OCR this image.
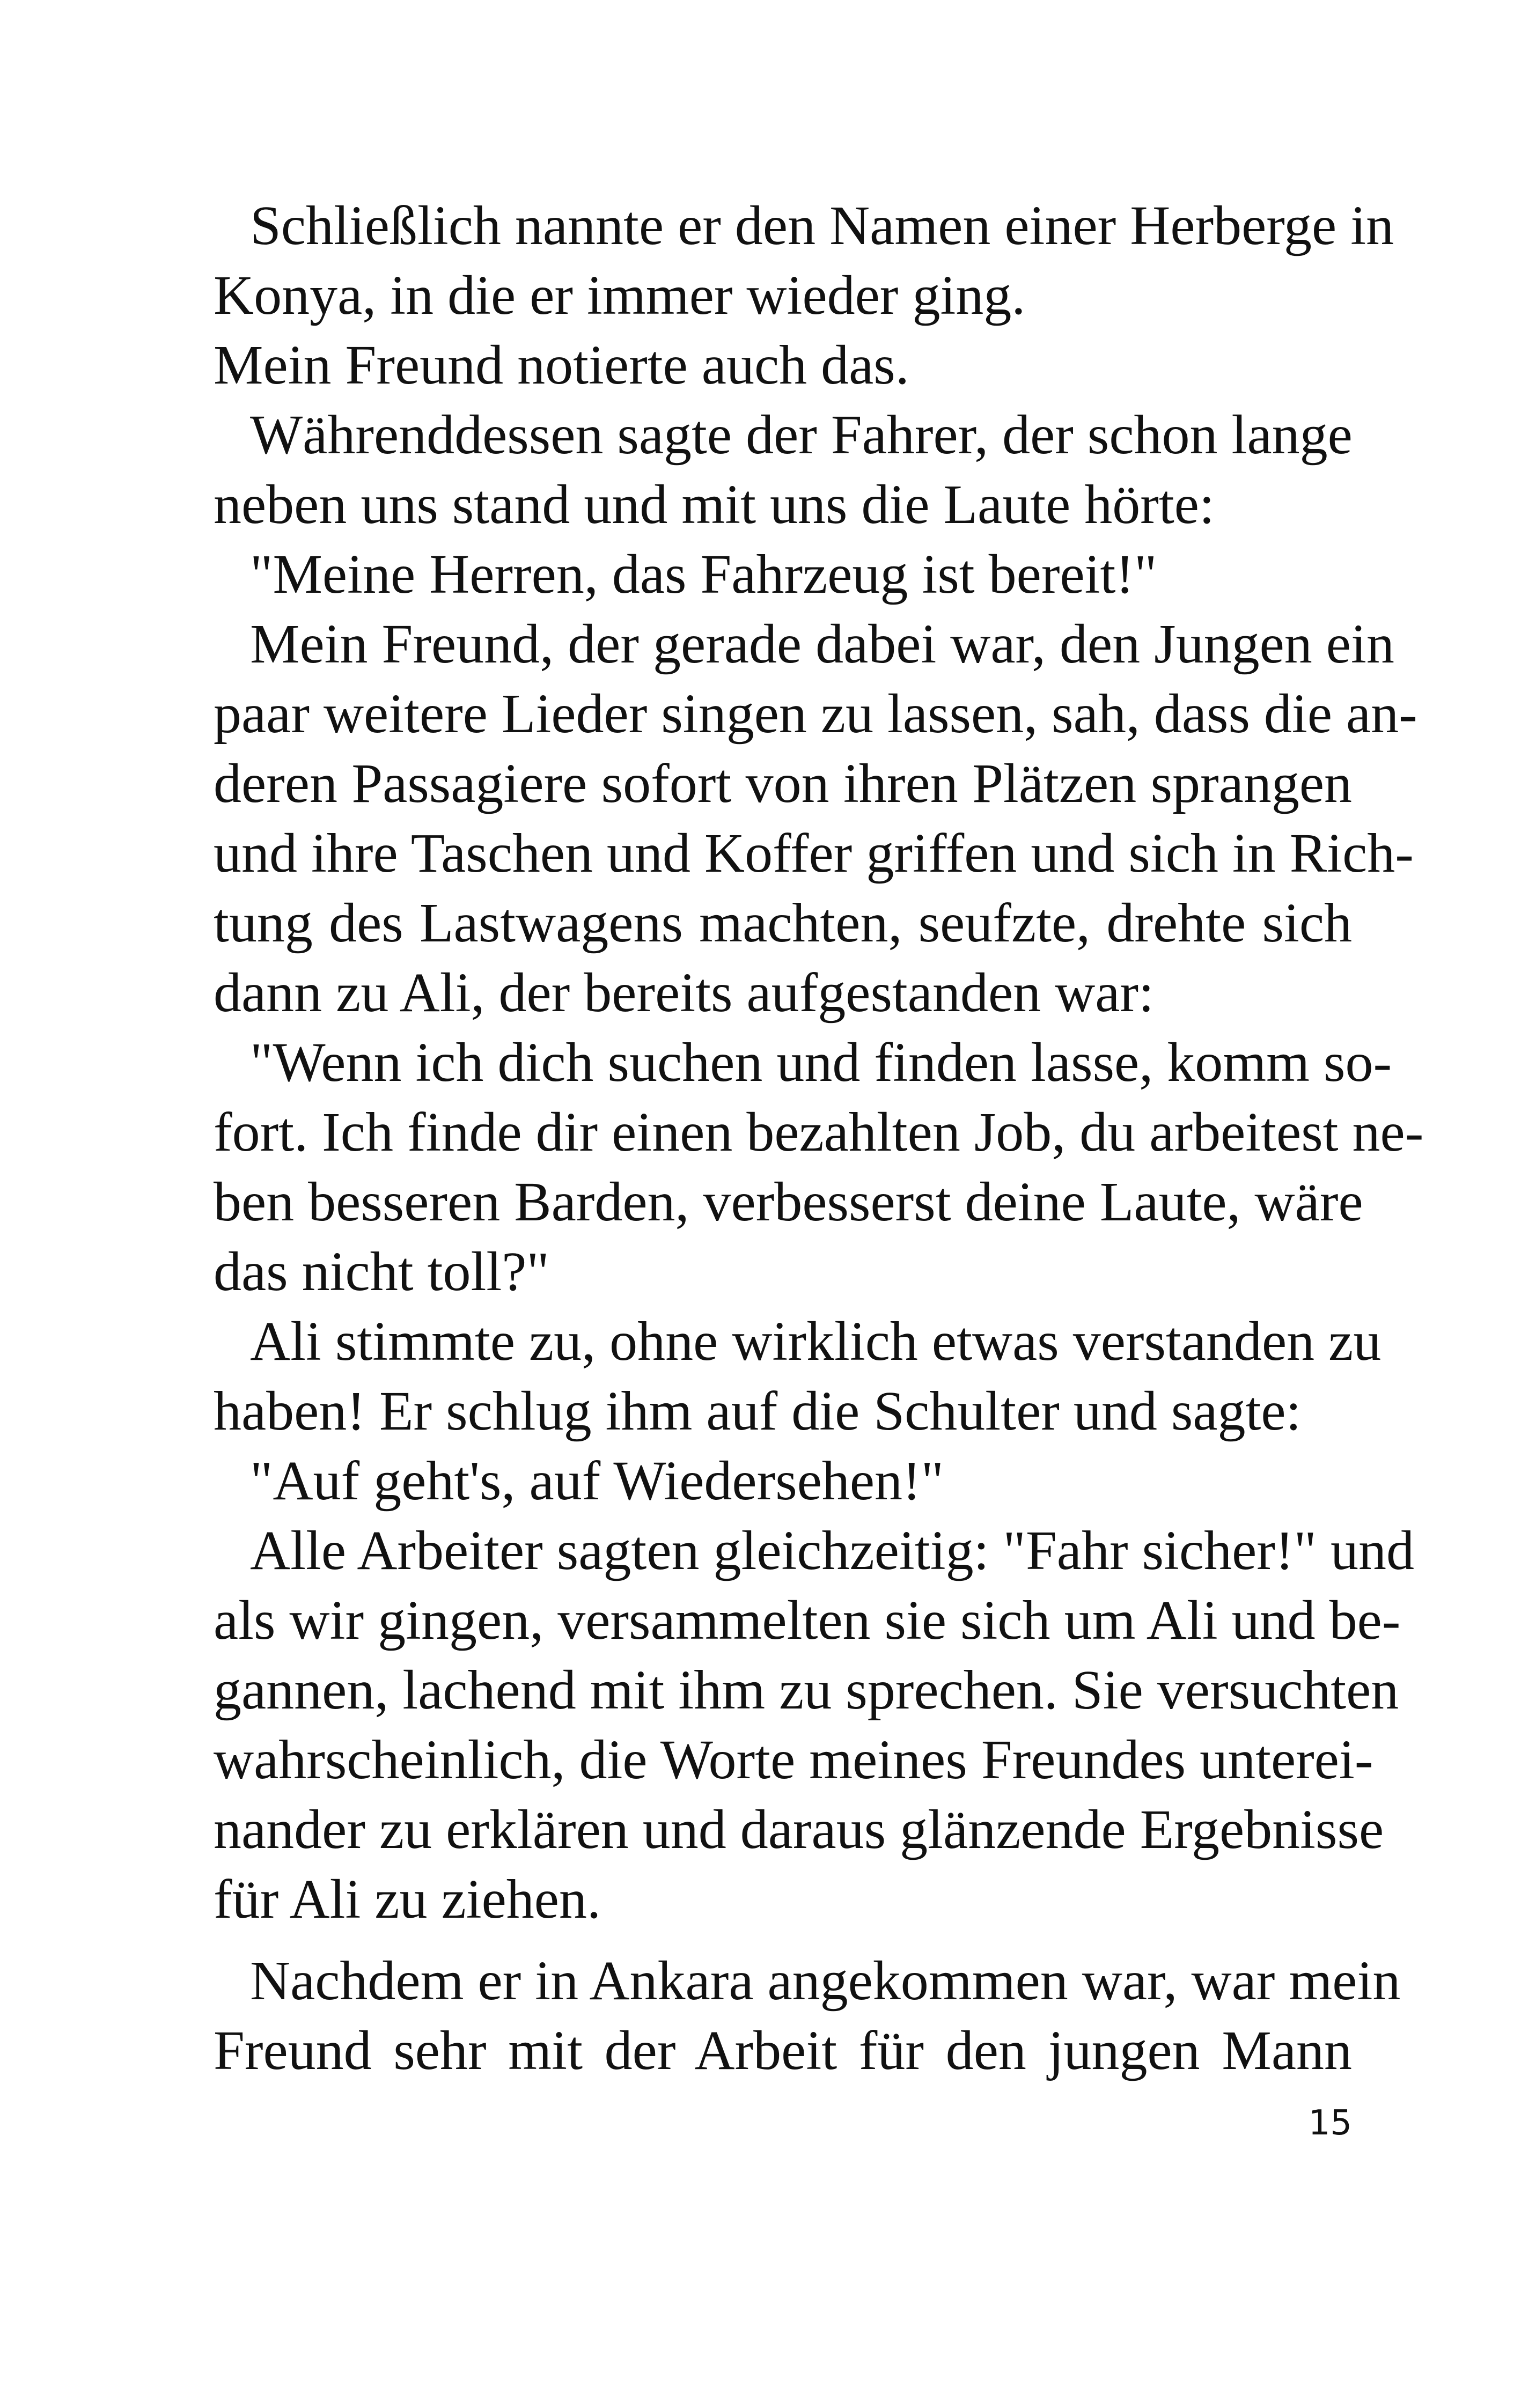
Schließlich nannte er den Namen einer Herberge in
Konya, in die er immer wieder ging.
Mein Freund notierte auch das.
Währenddessen sagte der Fahrer, der schon lange
neben uns stand und mit uns die Laute hörte:
"Meine Herren, das Fahrzeug ist bereit!"
Mein Freund, der gerade dabei war, den Jungen ein
paar weitere Lieder singen zu lassen, sah, dass die an-
deren Passagiere sofort von ihren Plätzen sprangen
und ihre Taschen und Koffer griffen und sich in Rich-
tung des Lastwagens machten, seufzte, drehte sich
dann zu Ali, der bereits aufgestanden war:
"Wenn ich dich suchen und finden lasse, komm so-
fort. Ich finde dir einen bezahlten Job, du arbeitest ne-
ben besseren Barden, verbesserst deine Laute, wäre
das nicht toll?"
Ali stimmte zu, ohne wirklich etwas verstanden zu
haben! Er schlug ihm auf die Schulter und sagte:
"Auf geht's, auf Wiedersehen!"
Alle Arbeiter sagten gleichzeitig: "Fahr sicher!" und
als wir gingen, versammelten sie sich um Ali und be-
gannen, lachend mit ihm zu sprechen. Sie versuchten
wahrscheinlich, die Worte meines Freundes unterei-
nander zu erklären und daraus glänzende Ergebnisse
für Ali zu ziehen.
Nachdem er in Ankara angekommen war, war mein
Freund sehr mit der Arbeit für den jungen Mann
15
